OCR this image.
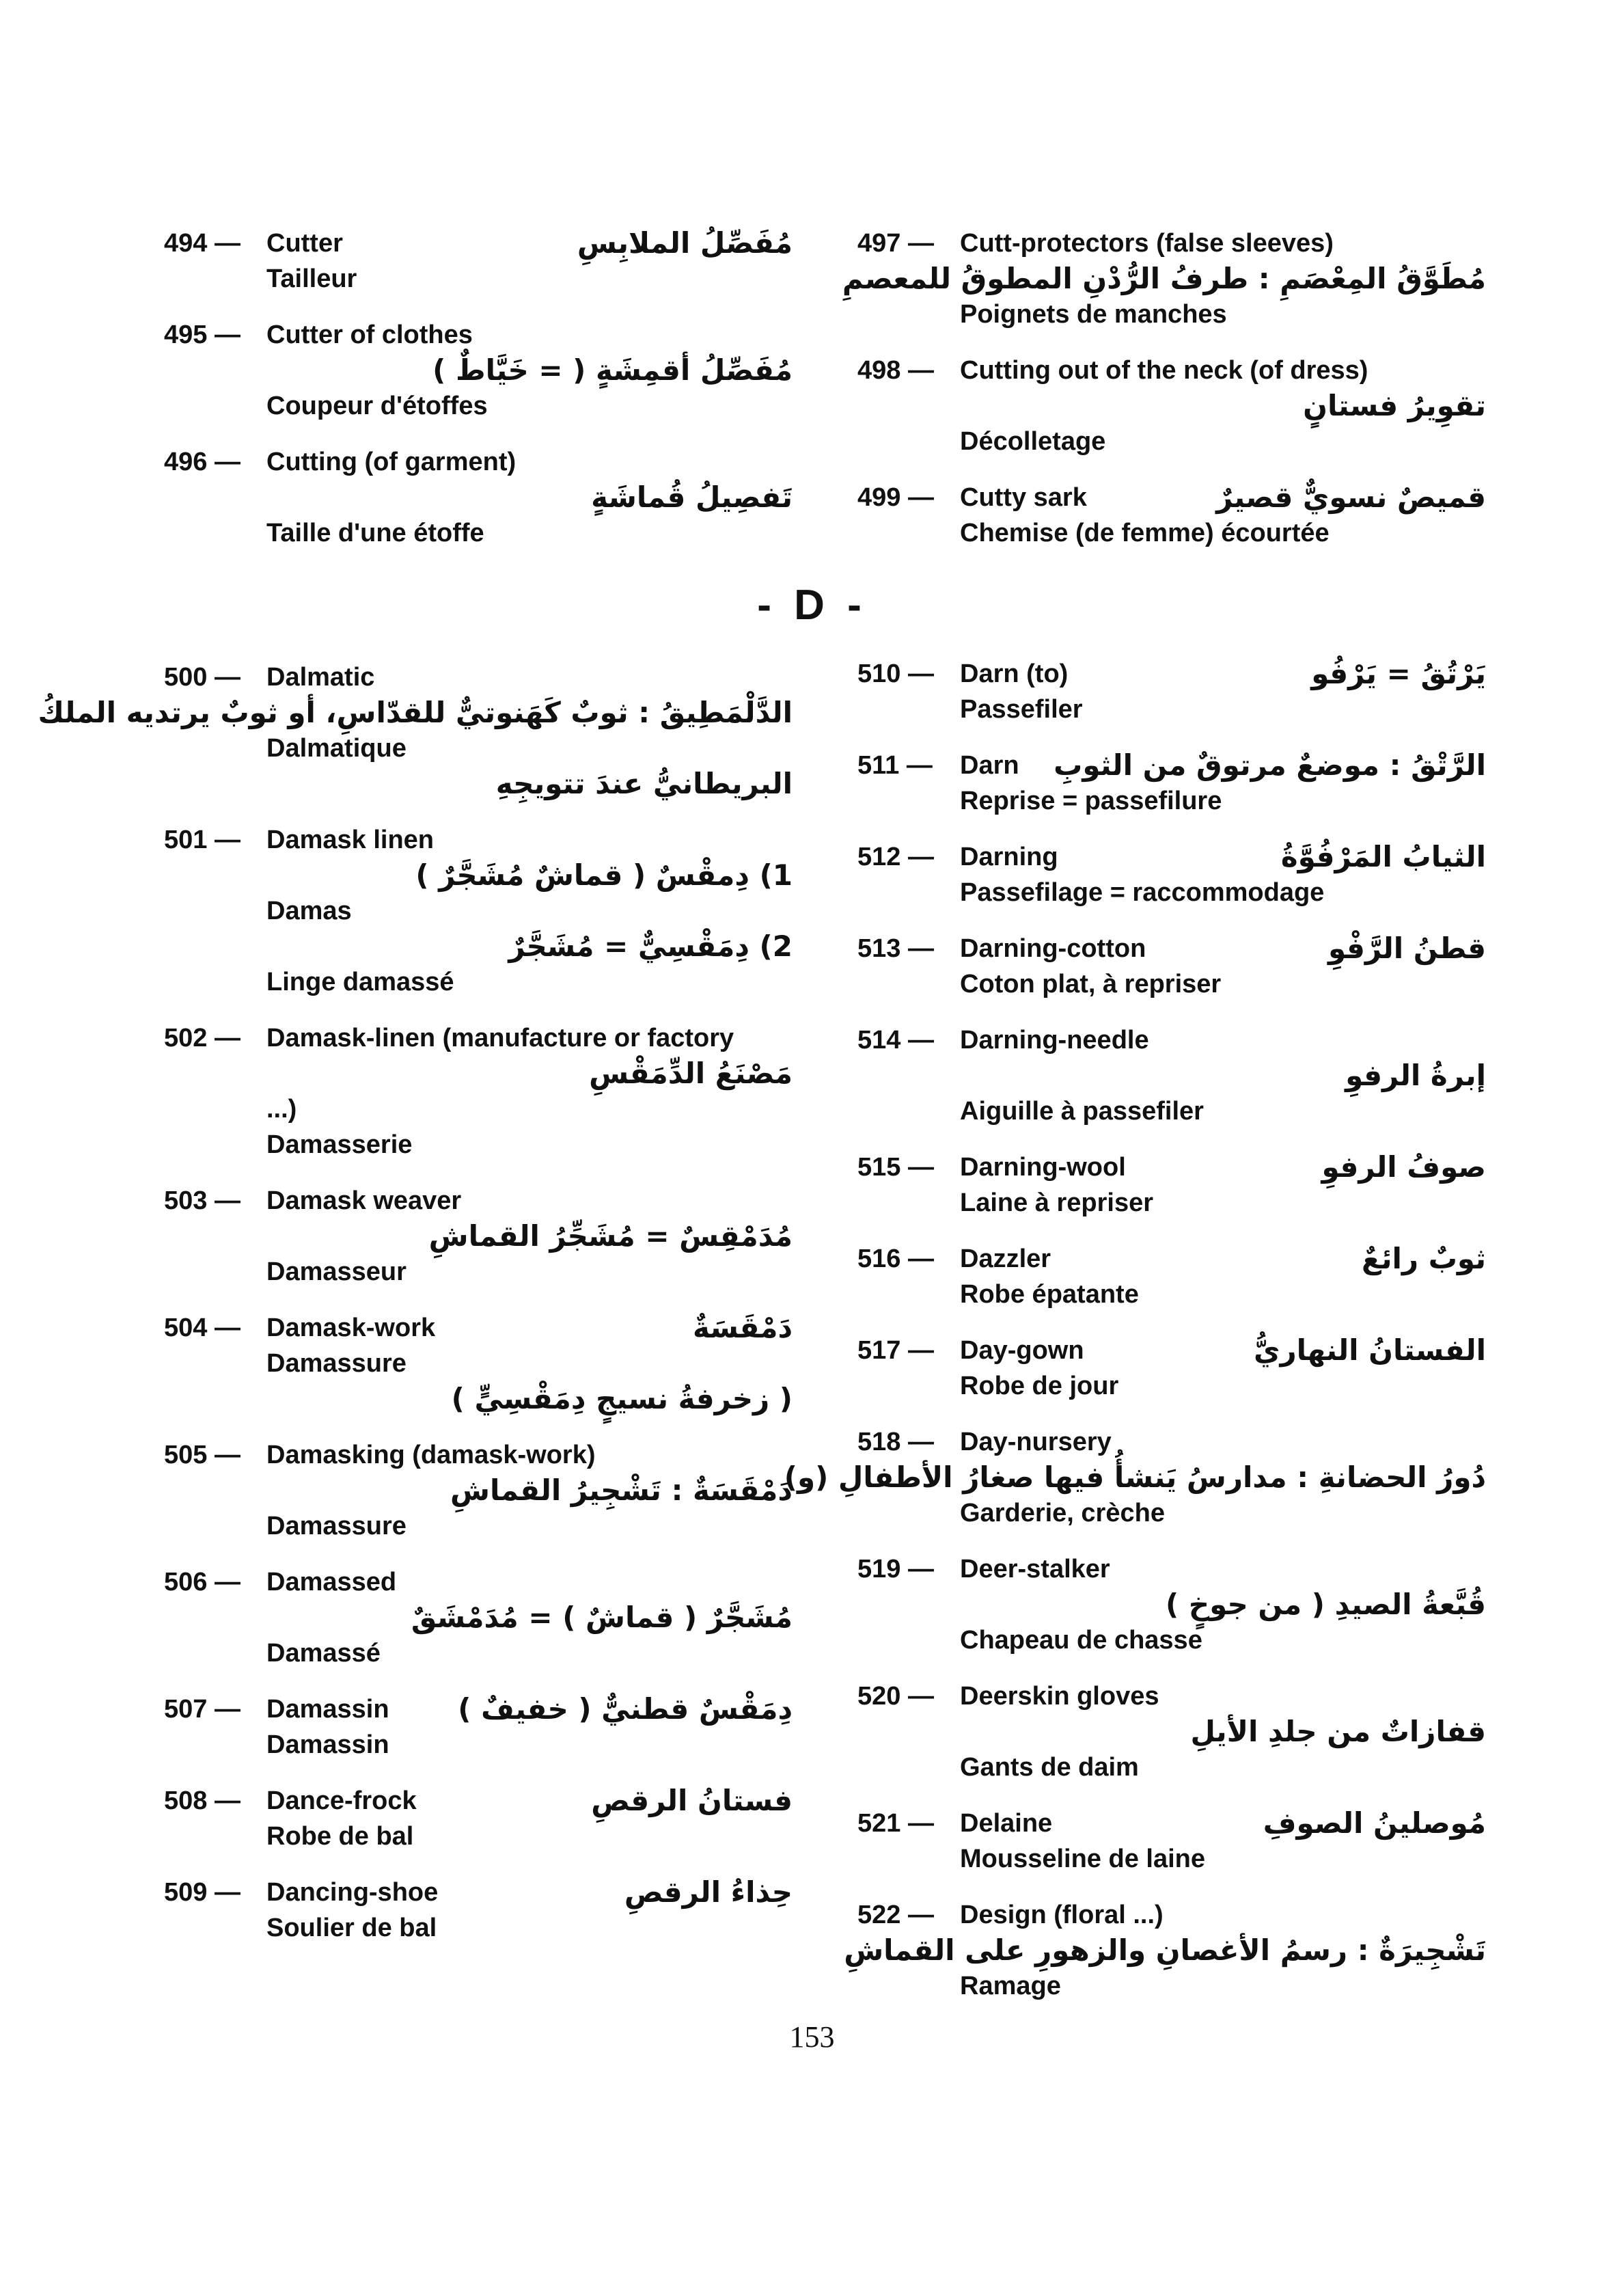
494 —	Cutter	مُفَصِّلُ الملابِسِ
Tailleur
495 —	Cutter of clothes
مُفَصِّلُ أقمِشَةٍ ( = خَيَّاطٌ )
Coupeur d'étoffes
496 —	Cutting (of garment)
تَفصِيلُ قُماشَةٍ
Taille d'une étoffe
497 —	Cutt-protectors (false sleeves)
مُطَوَّقُ المِعْصَمِ : طرفُ الرُّدْنِ المطوقُ للمعصمِ
Poignets de manches
498 —	Cutting out of the neck (of dress)
تقوِيرُ فستانٍ
Décolletage
499 —	Cutty sark	قميصٌ نسويٌّ قصيرٌ
Chemise (de femme) écourtée
- D -
500 —	Dalmatic
الدَّلْمَطِيقُ : ثوبٌ كَهَنوتيٌّ للقدّاسِ، أو ثوبٌ يرتديه الملكُ
Dalmatique
البريطانيُّ عندَ تتويجِهِ
501 —	Damask linen
1) دِمقْسٌ ( قماشٌ مُشَجَّرٌ )
Damas
2) دِمَقْسِيٌّ = مُشَجَّرٌ
Linge damassé
502 —	Damask-linen (manufacture or factory
مَصْنَعُ الدِّمَقْسِ
...)
Damasserie
503 —	Damask weaver
مُدَمْقِسٌ = مُشَجِّرُ القماشِ
Damasseur
504 —	Damask-work	دَمْقَسَةٌ
Damassure
( زخرفةُ نسيجٍ دِمَقْسِيٍّ )
505 —	Damasking (damask-work)
دَمْقَسَةٌ : تَشْجِيرُ القماشِ
Damassure
506 —	Damassed
مُشَجَّرٌ ( قماشٌ ) = مُدَمْشَقٌ
Damassé
507 —	Damassin دِمَقْسٌ قطنيٌّ ( خفيفٌ )
Damassin
508 —	Dance-frock	فستانُ الرقصِ
Robe de bal
509 —	Dancing-shoe	حِذاءُ الرقصِ
Soulier de bal
510 —	Darn (to)	يَرْتُقُ = يَرْفُو
Passefiler
511 —	Darn الرَّتْقُ : موضعٌ مرتوقٌ من الثوبِ
Reprise = passefilure
512 —	Darning	الثيابُ المَرْفُوَّةُ
Passefilage = raccommodage
513 —	Darning-cotton	قطنُ الرَّفْوِ
Coton plat, à repriser
514 —	Darning-needle
إبرةُ الرفوِ
Aiguille à passefiler
515 —	Darning-wool	صوفُ الرفوِ
Laine à repriser
516 —	Dazzler	ثوبٌ رائعٌ
Robe épatante
517 —	Day-gown	الفستانُ النهاريُّ
Robe de jour
518 —	Day-nursery
دُورُ الحضانةِ : مدارسُ يَنشأُ فيها صغارُ الأطفالِ (و)
Garderie, crèche
519 —	Deer-stalker
قُبَّعةُ الصيدِ ( من جوخٍ )
Chapeau de chasse
520 —	Deerskin gloves
قفازاتٌ من جلدِ الأيلِ
Gants de daim
521 —	Delaine	مُوصلينُ الصوفِ
Mousseline de laine
522 —	Design (floral ...)
تَشْجِيرَةٌ : رسمُ الأغصانِ والزهورِ على القماشِ
Ramage
153
